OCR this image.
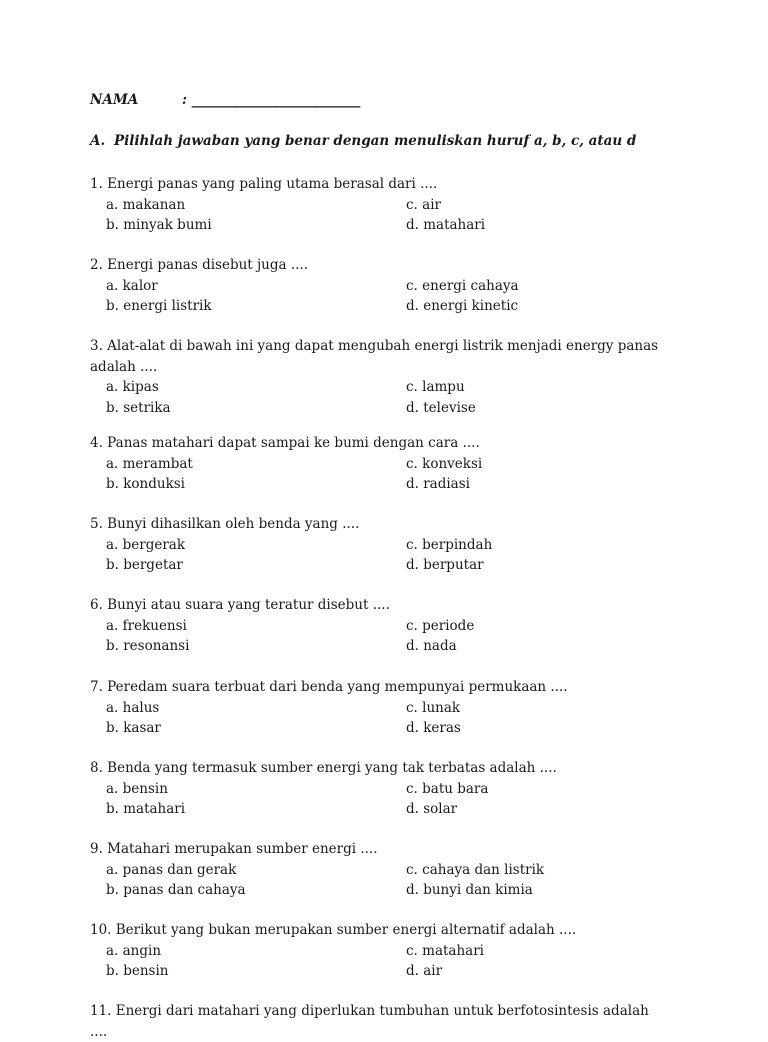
NAMA	: _________________________
A. Pilihlah jawaban yang benar dengan menuliskan huruf a, b, c, atau d
1. Energi panas yang paling utama berasal dari ....
a. makanan	c. air
b. minyak bumi	d. matahari
2. Energi panas disebut juga ....
a. kalor	c. energi cahaya
b. energi listrik	d. energi kinetic
3. Alat-alat di bawah ini yang dapat mengubah energi listrik menjadi energy panas adalah ....
a. kipas	c. lampu
b. setrika	d. televise
4. Panas matahari dapat sampai ke bumi dengan cara ....
a. merambat	c. konveksi
b. konduksi	d. radiasi
5. Bunyi dihasilkan oleh benda yang ....
a. bergerak	c. berpindah
b. bergetar	d. berputar
6. Bunyi atau suara yang teratur disebut ....
a. frekuensi	c. periode
b. resonansi	d. nada
7. Peredam suara terbuat dari benda yang mempunyai permukaan ....
a. halus	c. lunak
b. kasar	d. keras
8. Benda yang termasuk sumber energi yang tak terbatas adalah ....
a. bensin	c. batu bara
b. matahari	d. solar
9. Matahari merupakan sumber energi ....
a. panas dan gerak	c. cahaya dan listrik
b. panas dan cahaya	d. bunyi dan kimia
10. Berikut yang bukan merupakan sumber energi alternatif adalah ....
a. angin	c. matahari
b. bensin	d. air
11. Energi dari matahari yang diperlukan tumbuhan untuk berfotosintesis adalah ....
